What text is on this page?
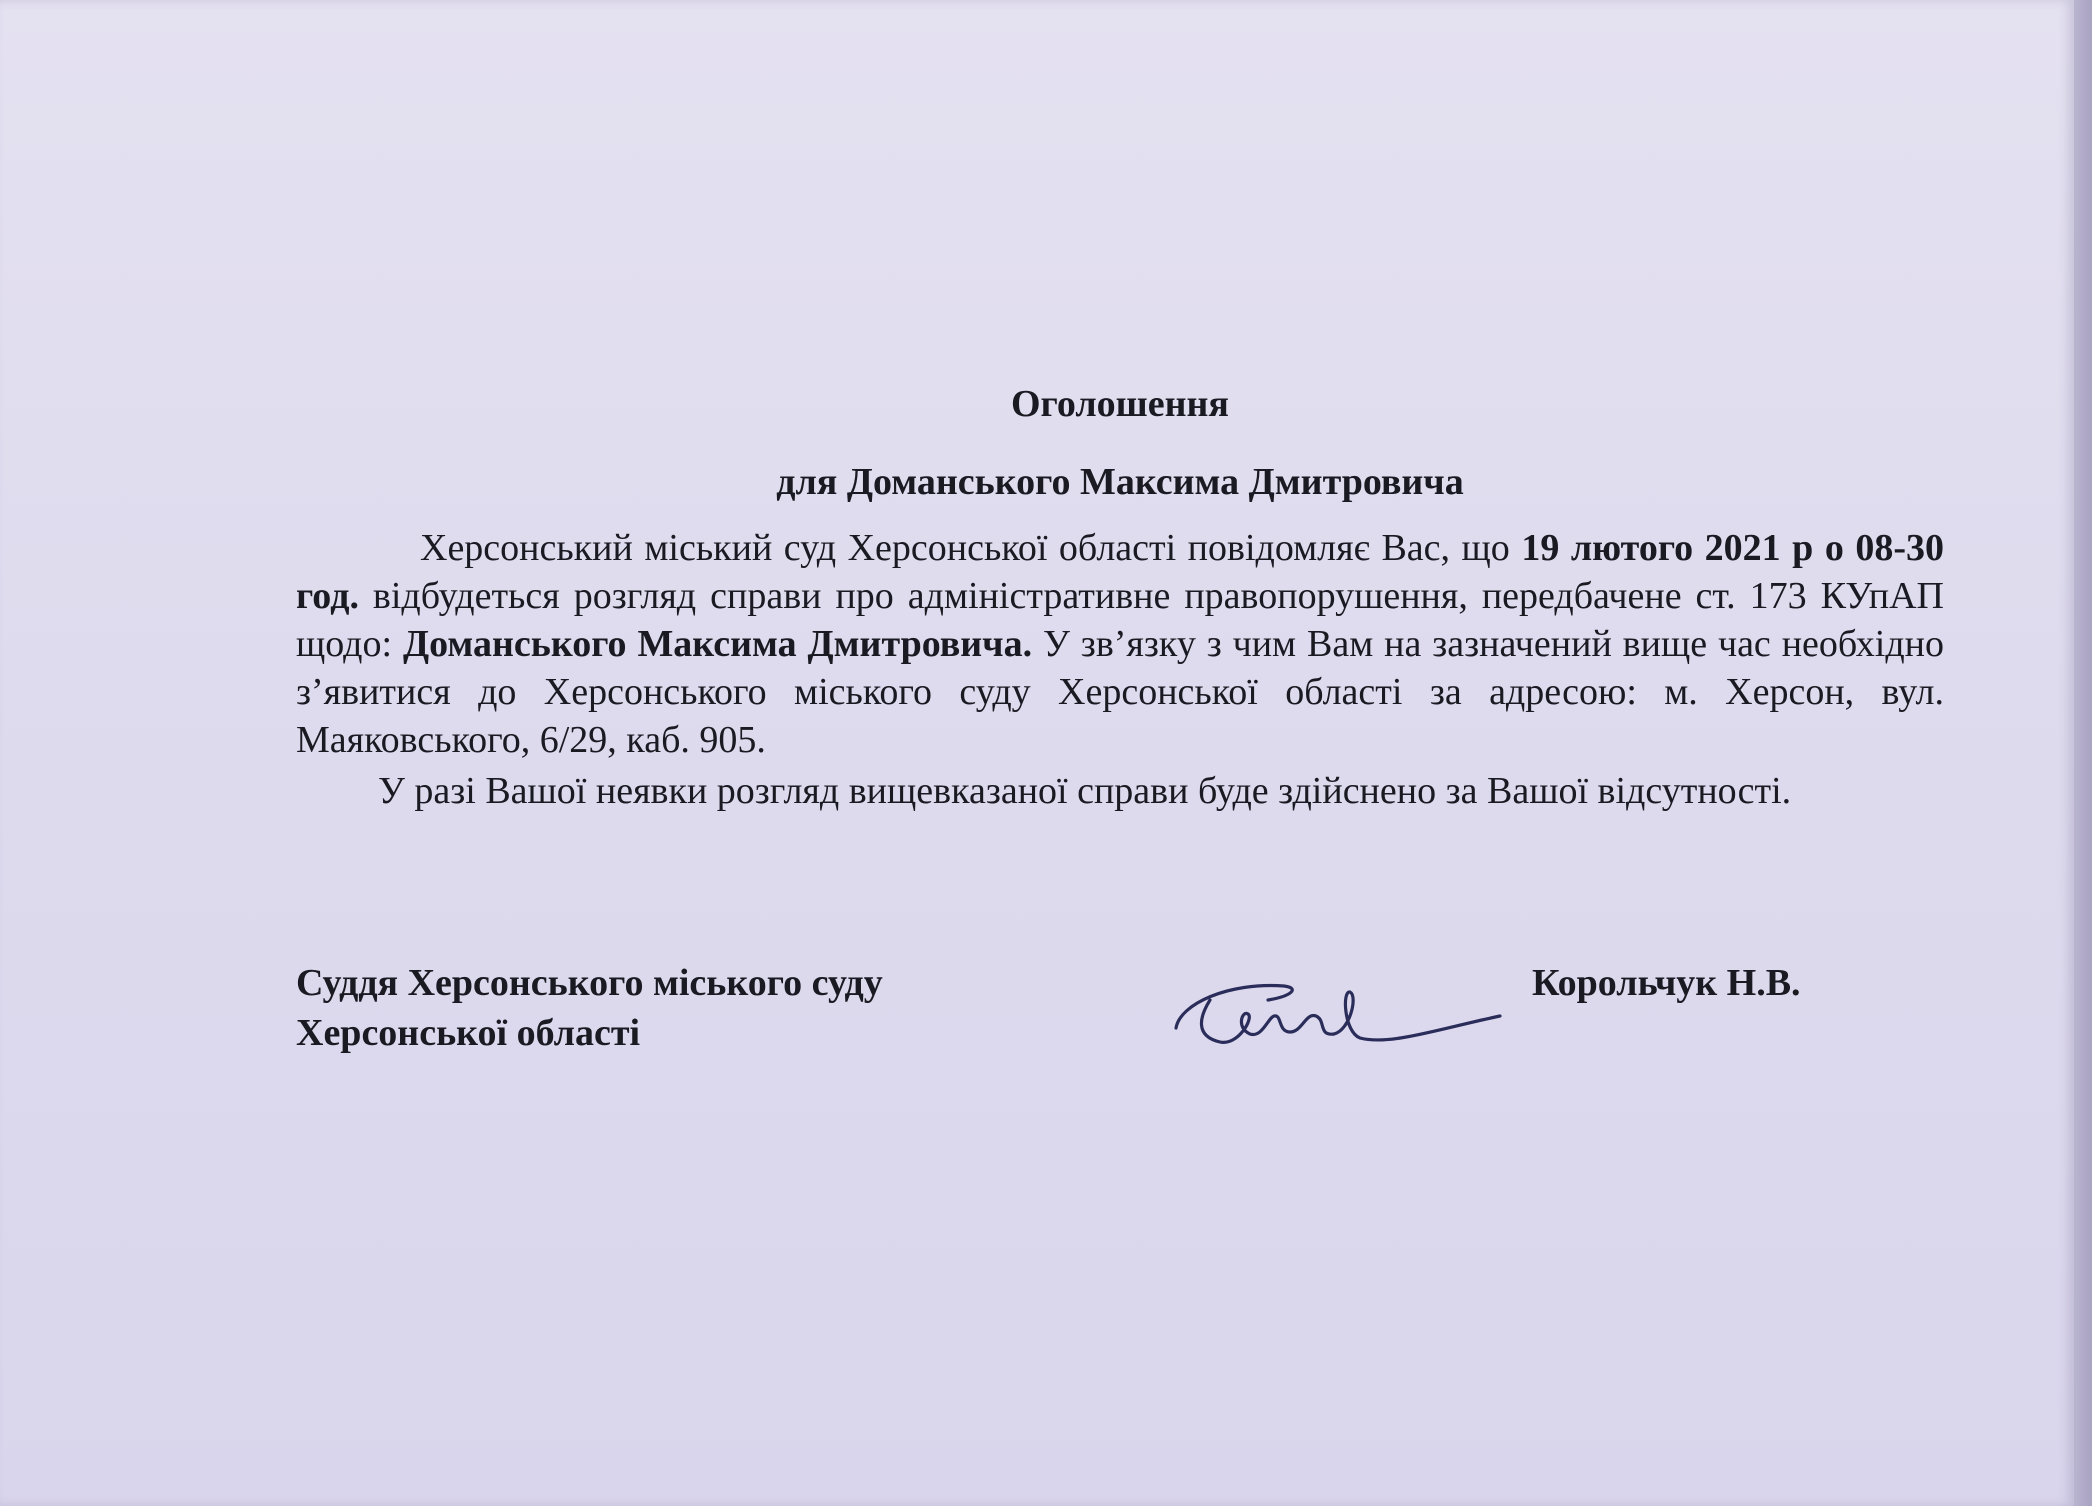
Оголошення

для Доманського Максима Дмитровича

Херсонський міський суд Херсонської області повідомляє Вас, що 19 лютого 2021 р о 08-30 год. відбудеться розгляд справи про адміністративне правопорушення, передбачене ст. 173 КУпАП щодо: Доманського Максима Дмитровича. У зв’язку з чим Вам на зазначений вище час необхідно з’явитися до Херсонського міського суду Херсонської області за адресою: м. Херсон, вул. Маяковського, 6/29, каб. 905.

У разі Вашої неявки розгляд вищевказаної справи буде здійснено за Вашої відсутності.

Суддя Херсонського міського суду
Херсонської області
Корольчук Н.В.
